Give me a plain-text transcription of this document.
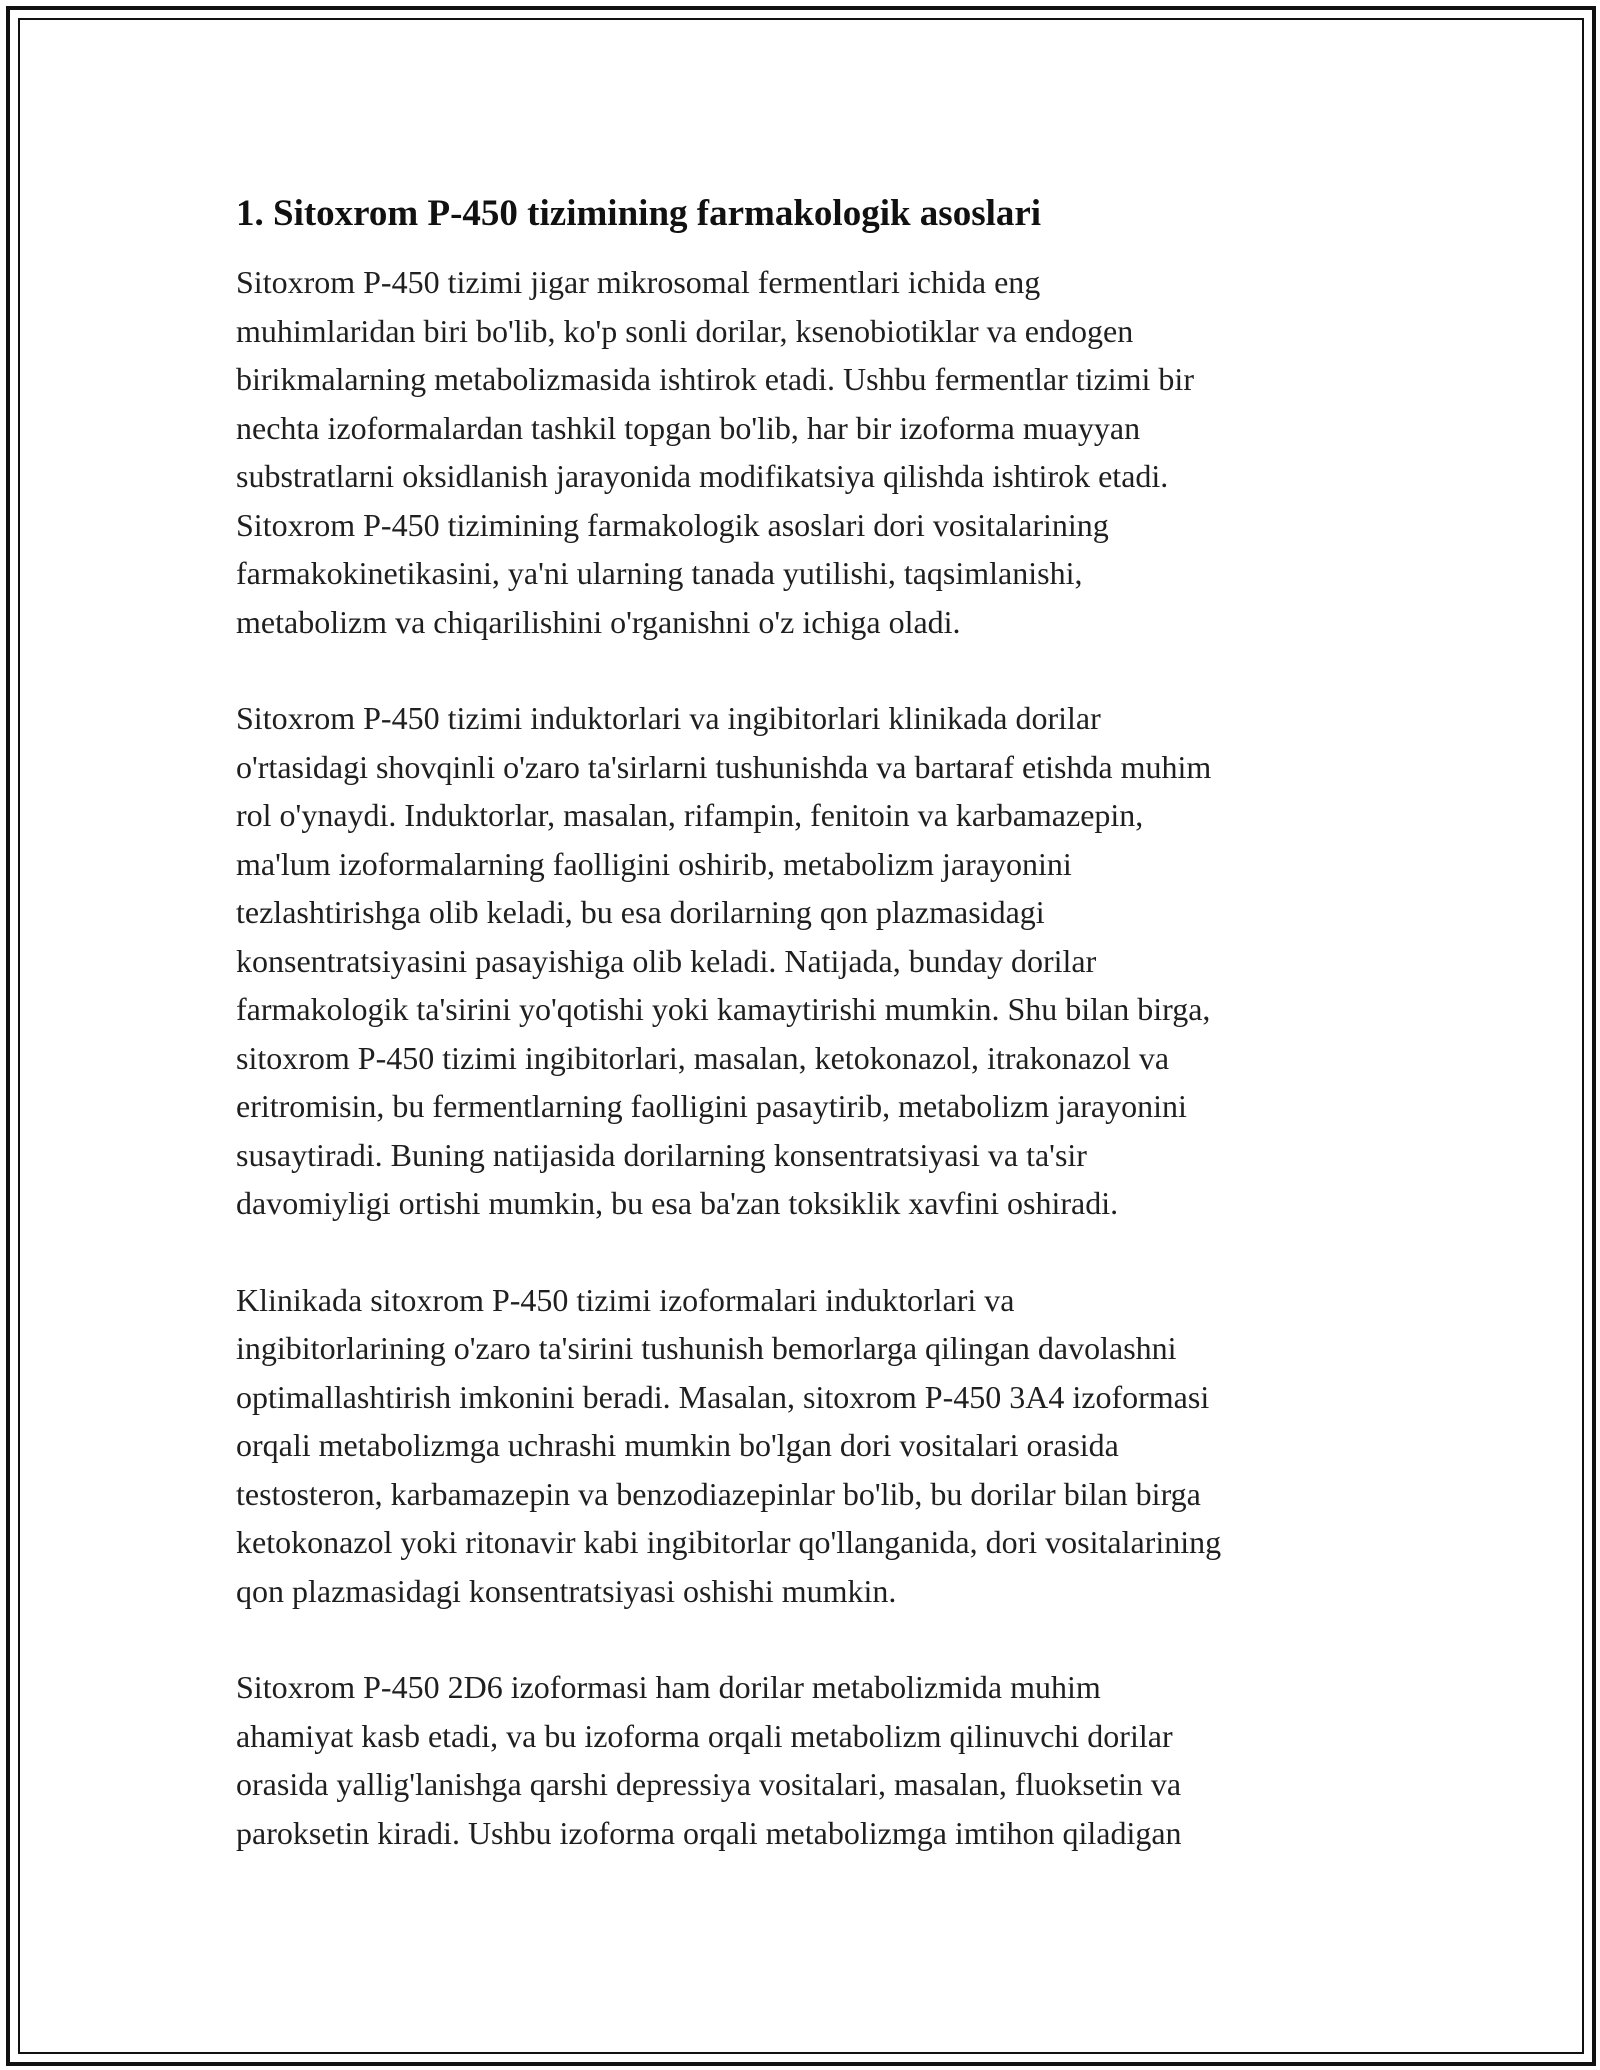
1. Sitoxrom P-450 tizimining farmakologik asoslari

Sitoxrom P-450 tizimi jigar mikrosomal fermentlari ichida eng
muhimlaridan biri bo'lib, ko'p sonli dorilar, ksenobiotiklar va endogen
birikmalarning metabolizmasida ishtirok etadi. Ushbu fermentlar tizimi bir
nechta izoformalardan tashkil topgan bo'lib, har bir izoforma muayyan
substratlarni oksidlanish jarayonida modifikatsiya qilishda ishtirok etadi.
Sitoxrom P-450 tizimining farmakologik asoslari dori vositalarining
farmakokinetikasini, ya'ni ularning tanada yutilishi, taqsimlanishi,
metabolizm va chiqarilishini o'rganishni o'z ichiga oladi.

Sitoxrom P-450 tizimi induktorlari va ingibitorlari klinikada dorilar
o'rtasidagi shovqinli o'zaro ta'sirlarni tushunishda va bartaraf etishda muhim
rol o'ynaydi. Induktorlar, masalan, rifampin, fenitoin va karbamazepin,
ma'lum izoformalarning faolligini oshirib, metabolizm jarayonini
tezlashtirishga olib keladi, bu esa dorilarning qon plazmasidagi
konsentratsiyasini pasayishiga olib keladi. Natijada, bunday dorilar
farmakologik ta'sirini yo'qotishi yoki kamaytirishi mumkin. Shu bilan birga,
sitoxrom P-450 tizimi ingibitorlari, masalan, ketokonazol, itrakonazol va
eritromisin, bu fermentlarning faolligini pasaytirib, metabolizm jarayonini
susaytiradi. Buning natijasida dorilarning konsentratsiyasi va ta'sir
davomiyligi ortishi mumkin, bu esa ba'zan toksiklik xavfini oshiradi.

Klinikada sitoxrom P-450 tizimi izoformalari induktorlari va
ingibitorlarining o'zaro ta'sirini tushunish bemorlarga qilingan davolashni
optimallashtirish imkonini beradi. Masalan, sitoxrom P-450 3A4 izoformasi
orqali metabolizmga uchrashi mumkin bo'lgan dori vositalari orasida
testosteron, karbamazepin va benzodiazepinlar bo'lib, bu dorilar bilan birga
ketokonazol yoki ritonavir kabi ingibitorlar qo'llanganida, dori vositalarining
qon plazmasidagi konsentratsiyasi oshishi mumkin.

Sitoxrom P-450 2D6 izoformasi ham dorilar metabolizmida muhim
ahamiyat kasb etadi, va bu izoforma orqali metabolizm qilinuvchi dorilar
orasida yallig'lanishga qarshi depressiya vositalari, masalan, fluoksetin va
paroksetin kiradi. Ushbu izoforma orqali metabolizmga imtihon qiladigan
